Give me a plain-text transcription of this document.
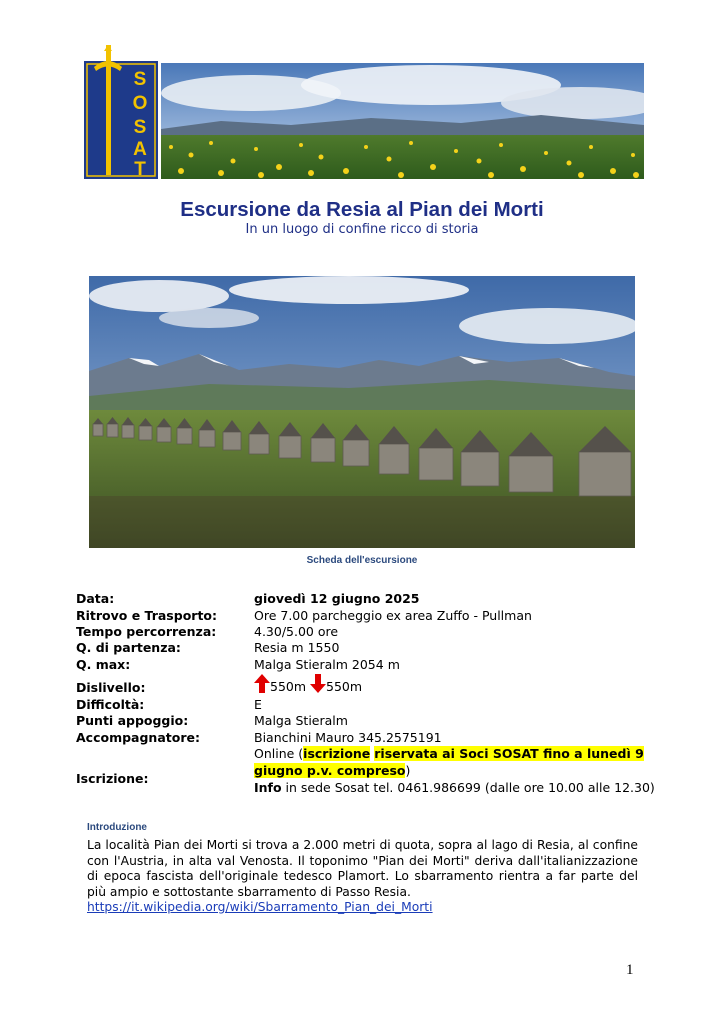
S
O
S
A
T
Escursione da Resia al Pian dei Morti
In un luogo di confine ricco di storia
Scheda dell'escursione
Data:	giovedì 12 giugno 2025
Ritrovo e Trasporto:	Ore 7.00 parcheggio ex area Zuffo - Pullman
Tempo percorrenza:	4.30/5.00 ore
Q. di partenza:	Resia m 1550
Q. max:	Malga Stieralm 2054 m
Dislivello:	550m 550m
Difficoltà:	E
Punti appoggio:	Malga Stieralm
Accompagnatore:	Bianchini Mauro 345.2575191
Iscrizione:
Online (iscrizione riservata ai Soci SOSAT fino a lunedì 9
giugno p.v. compreso)
Info in sede Sosat tel. 0461.986699 (dalle ore 10.00 alle 12.30)
Introduzione
La località Pian dei Morti si trova a 2.000 metri di quota, sopra al lago di Resia, al confine con l'Austria, in alta val Venosta. Il toponimo "Pian dei Morti" deriva dall'italianizzazione di epoca fascista dell'originale tedesco Plamort. Lo sbarramento rientra a far parte del più ampio e sottostante sbarramento di Passo Resia.
https://it.wikipedia.org/wiki/Sbarramento_Pian_dei_Morti
1
